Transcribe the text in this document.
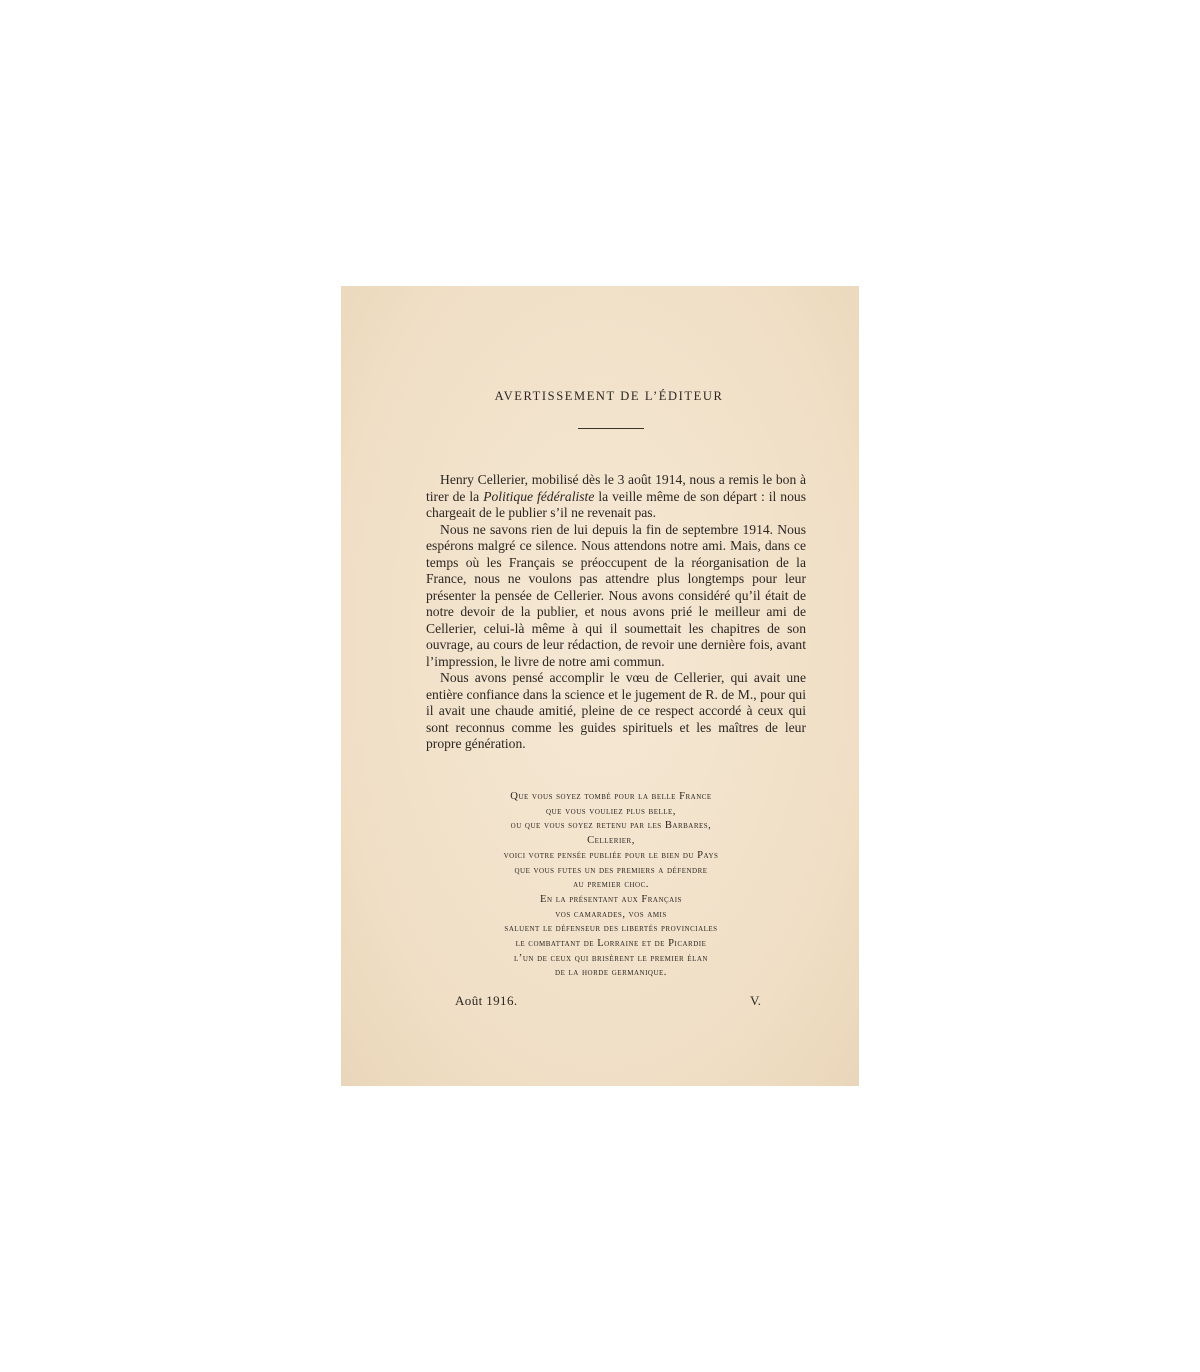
AVERTISSEMENT DE L’ÉDITEUR

Henry Cellerier, mobilisé dès le 3 août 1914, nous a remis le bon à tirer de la Politique fédéraliste la veille même de son départ : il nous chargeait de le publier s’il ne revenait pas.

Nous ne savons rien de lui depuis la fin de septembre 1914. Nous espérons malgré ce silence. Nous attendons notre ami. Mais, dans ce temps où les Français se préoccupent de la réorganisation de la France, nous ne voulons pas attendre plus longtemps pour leur présenter la pensée de Cellerier. Nous avons considéré qu’il était de notre devoir de la publier, et nous avons prié le meilleur ami de Cellerier, celui-là même à qui il soumettait les chapitres de son ouvrage, au cours de leur rédaction, de revoir une dernière fois, avant l’impression, le livre de notre ami commun.

Nous avons pensé accomplir le vœu de Cellerier, qui avait une entière confiance dans la science et le jugement de R. de M., pour qui il avait une chaude amitié, pleine de ce respect accordé à ceux qui sont reconnus comme les guides spirituels et les maîtres de leur propre génération.

Que vous soyez tombé pour la belle France
que vous vouliez plus belle,
ou que vous soyez retenu par les Barbares,
Cellerier,
voici votre pensée publiée pour le bien du Pays
que vous futes un des premiers a défendre
au premier choc.
En la présentant aux Français
vos camarades, vos amis
saluent le défenseur des libertés provinciales
le combattant de Lorraine et de Picardie
l’un de ceux qui brisèrent le premier élan
de la horde germanique.
Août 1916.	V.
